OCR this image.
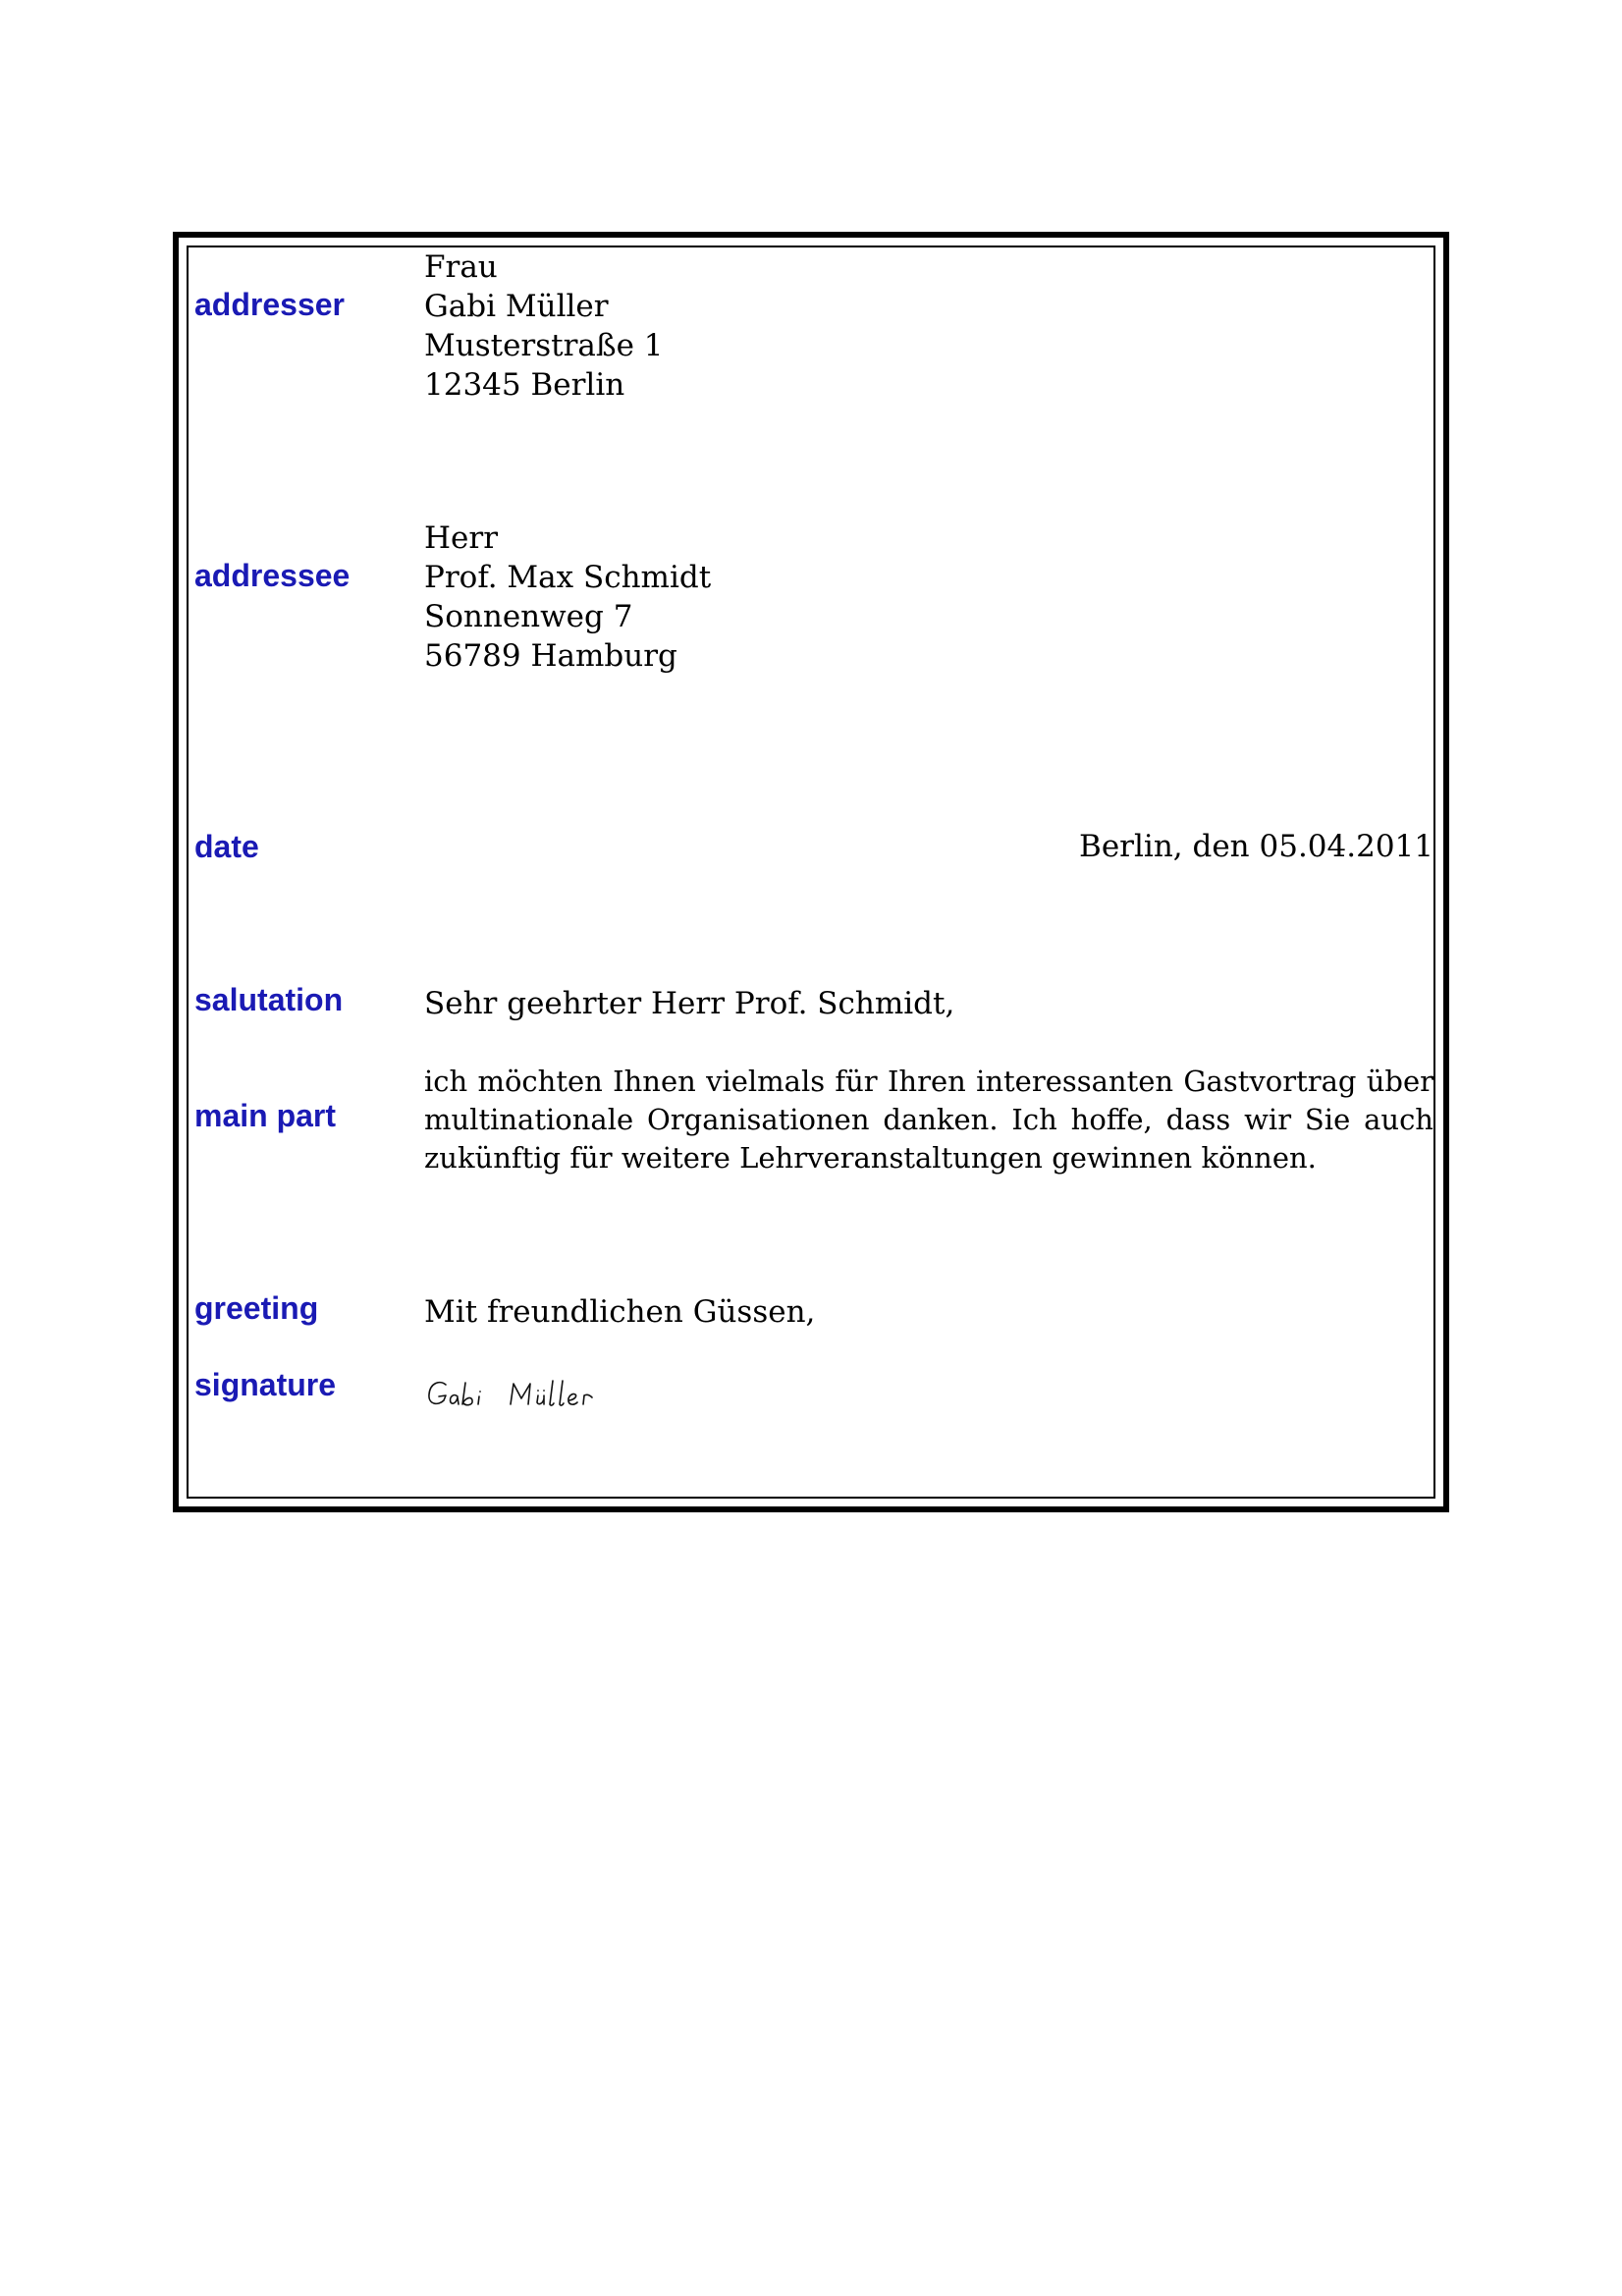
addresser
addressee
date
salutation
main part
greeting
signature
Frau
Gabi Müller
Musterstraße 1
12345 Berlin
Herr
Prof. Max Schmidt
Sonnenweg 7
56789 Hamburg
Berlin, den 05.04.2011
Sehr geehrter Herr Prof. Schmidt,
ich möchten Ihnen vielmals für Ihren interessanten Gastvortrag über multinationale Organisationen danken. Ich hoffe, dass wir Sie auch zukünftig für weitere Lehrveranstaltungen gewinnen können.
Mit freundlichen Güssen,
